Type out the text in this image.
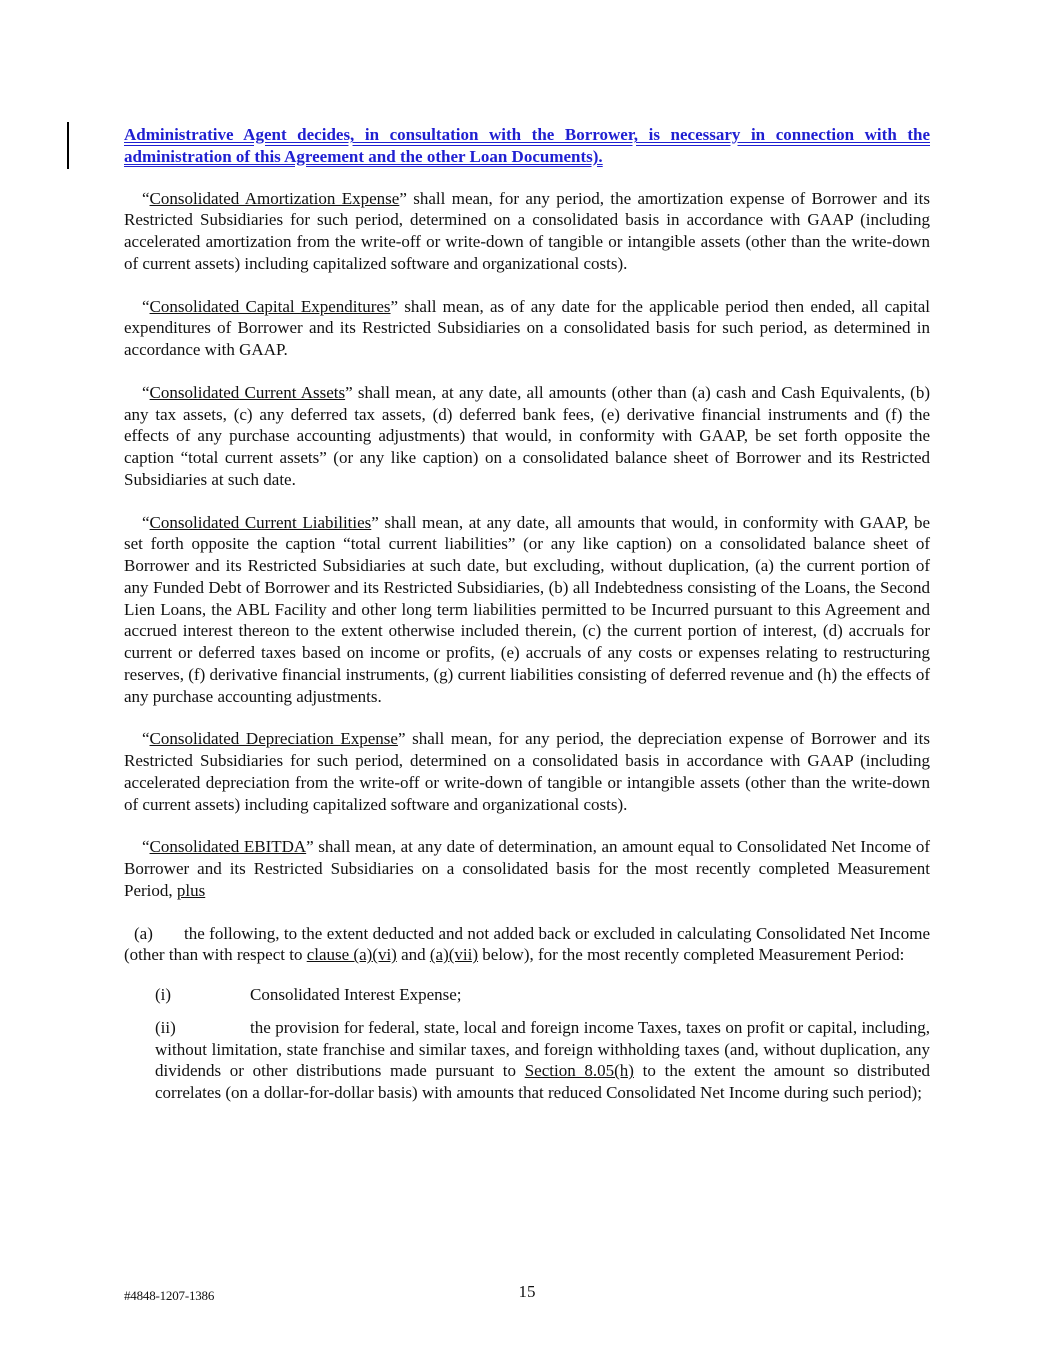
Administrative Agent decides, in consultation with the Borrower, is necessary in connection with the administration of this Agreement and the other Loan Documents).

“Consolidated Amortization Expense” shall mean, for any period, the amortization expense of Borrower and its Restricted Subsidiaries for such period, determined on a consolidated basis in accordance with GAAP (including accelerated amortization from the write-off or write-down of tangible or intangible assets (other than the write-down of current assets) including capitalized software and organizational costs).

“Consolidated Capital Expenditures” shall mean, as of any date for the applicable period then ended, all capital expenditures of Borrower and its Restricted Subsidiaries on a consolidated basis for such period, as determined in accordance with GAAP.

“Consolidated Current Assets” shall mean, at any date, all amounts (other than (a) cash and Cash Equivalents, (b) any tax assets, (c) any deferred tax assets, (d) deferred bank fees, (e) derivative financial instruments and (f) the effects of any purchase accounting adjustments) that would, in conformity with GAAP, be set forth opposite the caption “total current assets” (or any like caption) on a consolidated balance sheet of Borrower and its Restricted Subsidiaries at such date.

“Consolidated Current Liabilities” shall mean, at any date, all amounts that would, in conformity with GAAP, be set forth opposite the caption “total current liabilities” (or any like caption) on a consolidated balance sheet of Borrower and its Restricted Subsidiaries at such date, but excluding, without duplication, (a) the current portion of any Funded Debt of Borrower and its Restricted Subsidiaries, (b) all Indebtedness consisting of the Loans, the Second Lien Loans, the ABL Facility and other long term liabilities permitted to be Incurred pursuant to this Agreement and accrued interest thereon to the extent otherwise included therein, (c) the current portion of interest, (d) accruals for current or deferred taxes based on income or profits, (e) accruals of any costs or expenses relating to restructuring reserves, (f) derivative financial instruments, (g) current liabilities consisting of deferred revenue and (h) the effects of any purchase accounting adjustments.

“Consolidated Depreciation Expense” shall mean, for any period, the depreciation expense of Borrower and its Restricted Subsidiaries for such period, determined on a consolidated basis in accordance with GAAP (including accelerated depreciation from the write-off or write-down of tangible or intangible assets (other than the write-down of current assets) including capitalized software and organizational costs).

“Consolidated EBITDA” shall mean, at any date of determination, an amount equal to Consolidated Net Income of Borrower and its Restricted Subsidiaries on a consolidated basis for the most recently completed Measurement Period, plus

(a) the following, to the extent deducted and not added back or excluded in calculating Consolidated Net Income (other than with respect to clause (a)(vi) and (a)(vii) below), for the most recently completed Measurement Period:

(i)	Consolidated Interest Expense;

(ii)	the provision for federal, state, local and foreign income Taxes, taxes on profit or capital, including, without limitation, state franchise and similar taxes, and foreign withholding taxes (and, without duplication, any dividends or other distributions made pursuant to Section 8.05(h) to the extent the amount so distributed correlates (on a dollar-for-dollar basis) with amounts that reduced Consolidated Net Income during such period);

#4848-1207-1386	15
